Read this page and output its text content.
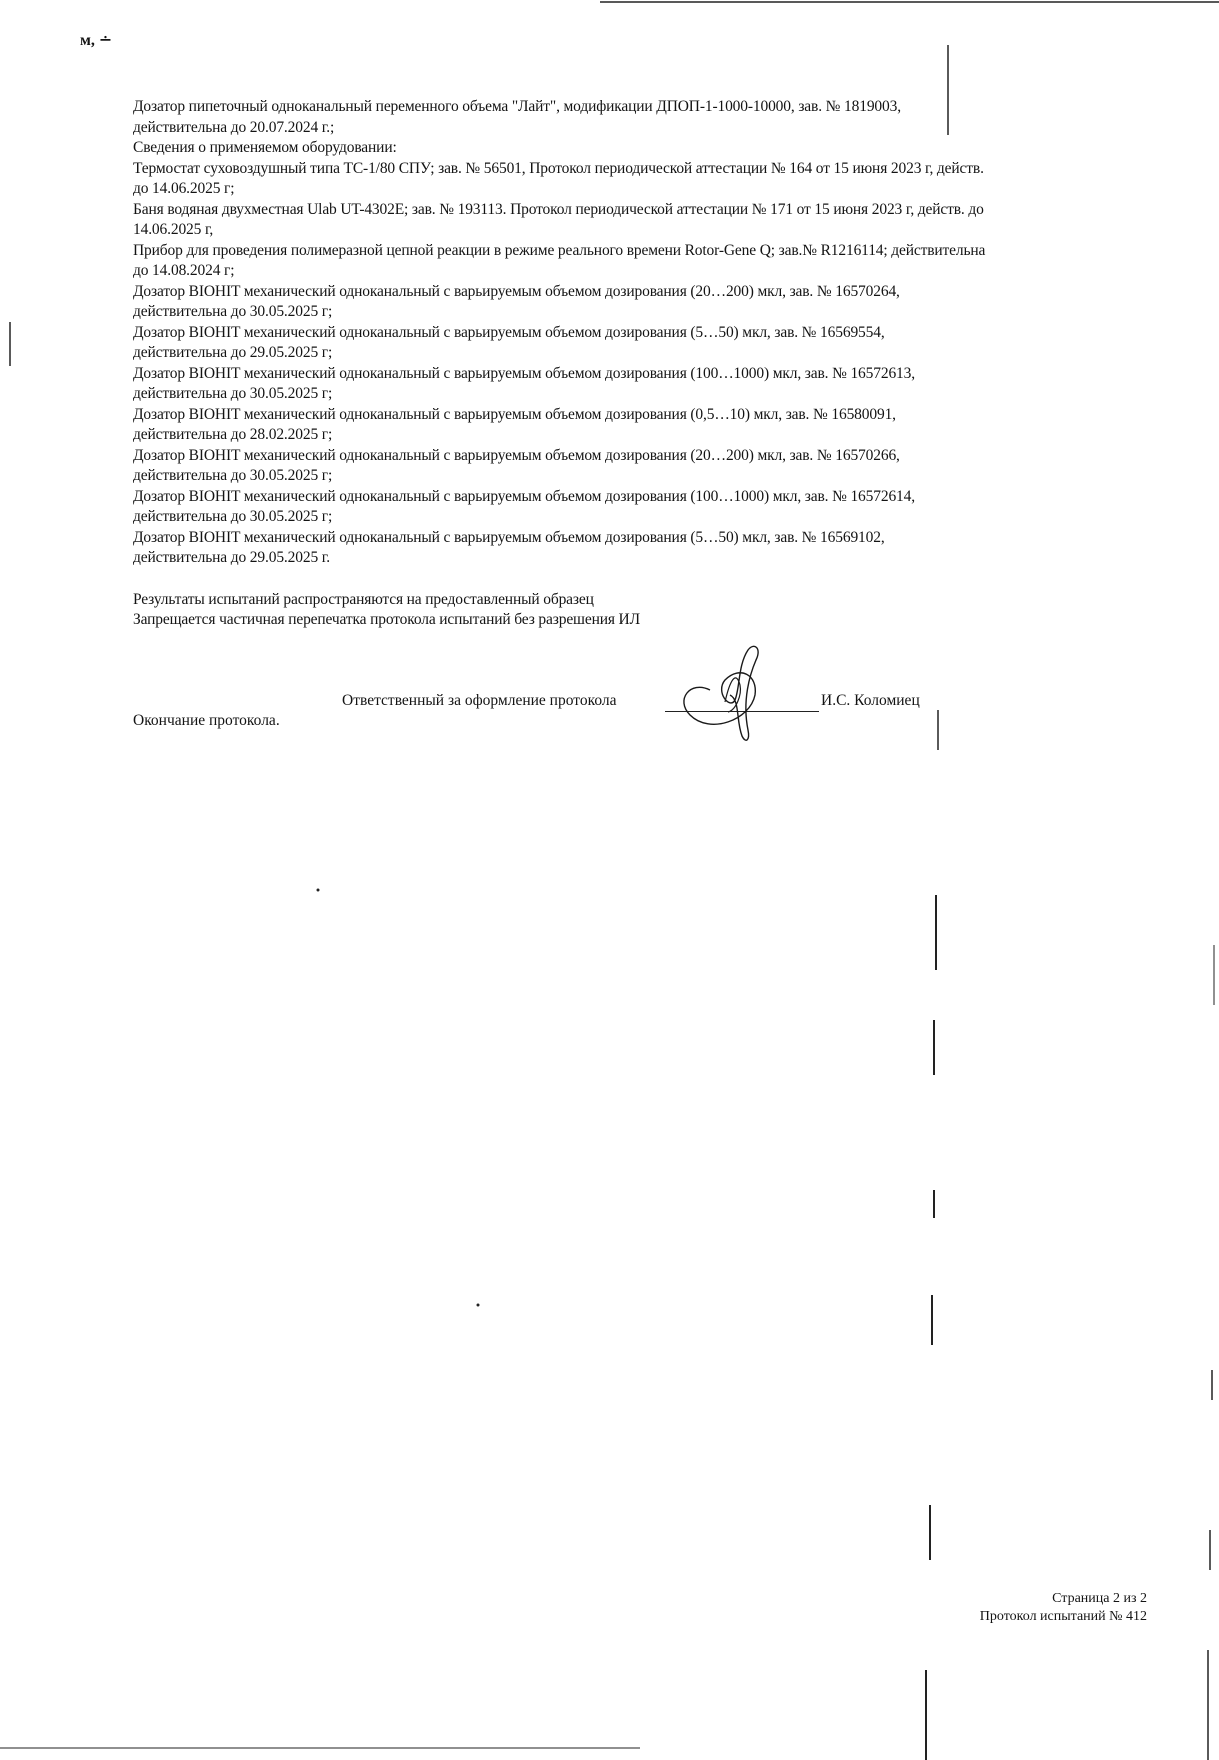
м, ∸

Дозатор пипеточный одноканальный переменного объема "Лайт", модификации ДПОП-1-1000-10000, зав. № 1819003,

действительна до 20.07.2024 г.;

Сведения о применяемом оборудовании:

Термостат суховоздушный типа ТС-1/80 СПУ; зав. № 56501, Протокол периодической аттестации № 164 от 15 июня 2023 г, действ.

до 14.06.2025 г;

Баня водяная двухместная Ulab UT-4302E; зав. № 193113. Протокол периодической аттестации № 171 от 15 июня 2023 г, действ. до

14.06.2025 г,

Прибор для проведения полимеразной цепной реакции в режиме реального времени Rotor-Gene Q; зав.№ R1216114; действительна

до 14.08.2024 г;

Дозатор BIOHIT механический одноканальный с варьируемым объемом дозирования (20…200) мкл, зав. № 16570264,

действительна до 30.05.2025 г;

Дозатор BIOHIT механический одноканальный с варьируемым объемом дозирования (5…50) мкл, зав. № 16569554,

действительна до 29.05.2025 г;

Дозатор BIOHIT механический одноканальный с варьируемым объемом дозирования (100…1000) мкл, зав. № 16572613,

действительна до 30.05.2025 г;

Дозатор BIOHIT механический одноканальный с варьируемым объемом дозирования (0,5…10) мкл, зав. № 16580091,

действительна до 28.02.2025 г;

Дозатор BIOHIT механический одноканальный с варьируемым объемом дозирования (20…200) мкл, зав. № 16570266,

действительна до 30.05.2025 г;

Дозатор BIOHIT механический одноканальный с варьируемым объемом дозирования (100…1000) мкл, зав. № 16572614,

действительна до 30.05.2025 г;

Дозатор BIOHIT механический одноканальный с варьируемым объемом дозирования (5…50) мкл, зав. № 16569102,

действительна до 29.05.2025 г.

Результаты испытаний распространяются на предоставленный образец
Запрещается частичная перепечатка протокола испытаний без разрешения ИЛ
Ответственный за оформление протокола	И.С. Коломиец
Окончание протокола.
Страница 2 из 2
Протокол испытаний № 412
